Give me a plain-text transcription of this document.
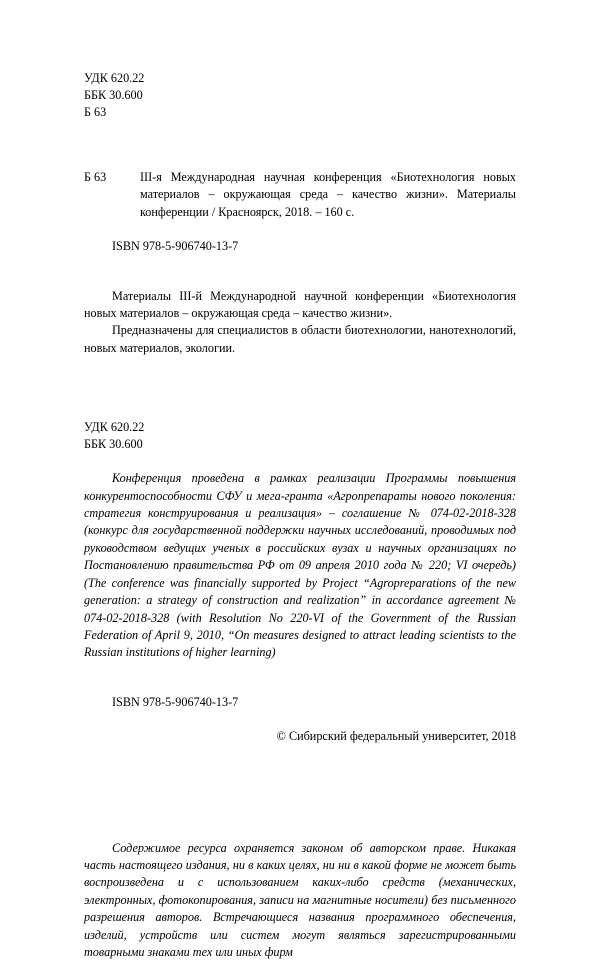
УДК 620.22
ББК 30.600
Б 63
Б 63	III-я Международная научная конференция «Биотехнология новых материалов – окружающая среда – качество жизни». Материалы конференции / Красноярск, 2018. – 160 с.
ISBN 978-5-906740-13-7

Материалы III-й Международной научной конференции «Биотехнология новых материалов – окружающая среда – качество жизни».

Предназначены для специалистов в области биотехнологии, нанотехнологий, новых материалов, экологии.

УДК 620.22
ББК 30.600

Конференция проведена в рамках реализации Программы повышения конкурентоспособности СФУ и мега-гранта «Агропрепараты нового поколения: стратегия конструирования и реализация» – соглашение № 074-02-2018-328 (конкурс для государственной поддержки научных исследований, проводимых под руководством ведущих ученых в российских вузах и научных организациях по Постановлению правительства РФ от 09 апреля 2010 года № 220; VI очередь) (The conference was financially supported by Project “Agropreparations of the new generation: a strategy of construction and realization” in accordance agreement № 074-02-2018-328 (with Resolution No 220-VI of the Government of the Russian Federation of April 9, 2010, “On measures designed to attract leading scientists to the Russian institutions of higher learning)

ISBN 978-5-906740-13-7

© Сибирский федеральный университет, 2018

Содержимое ресурса охраняется законом об авторском праве. Никакая часть настоящего издания, ни в каких целях, ни ни в какой форме не может быть воспроизведена и с использованием каких-либо средств (механических, электронных, фотокопирования, записи на магнитные носители) без письменного разрешения авторов. Встречающиеся названия программного обеспечения, изделий, устройств или систем могут являться зарегистрированными товарными знаками тех или иных фирм
